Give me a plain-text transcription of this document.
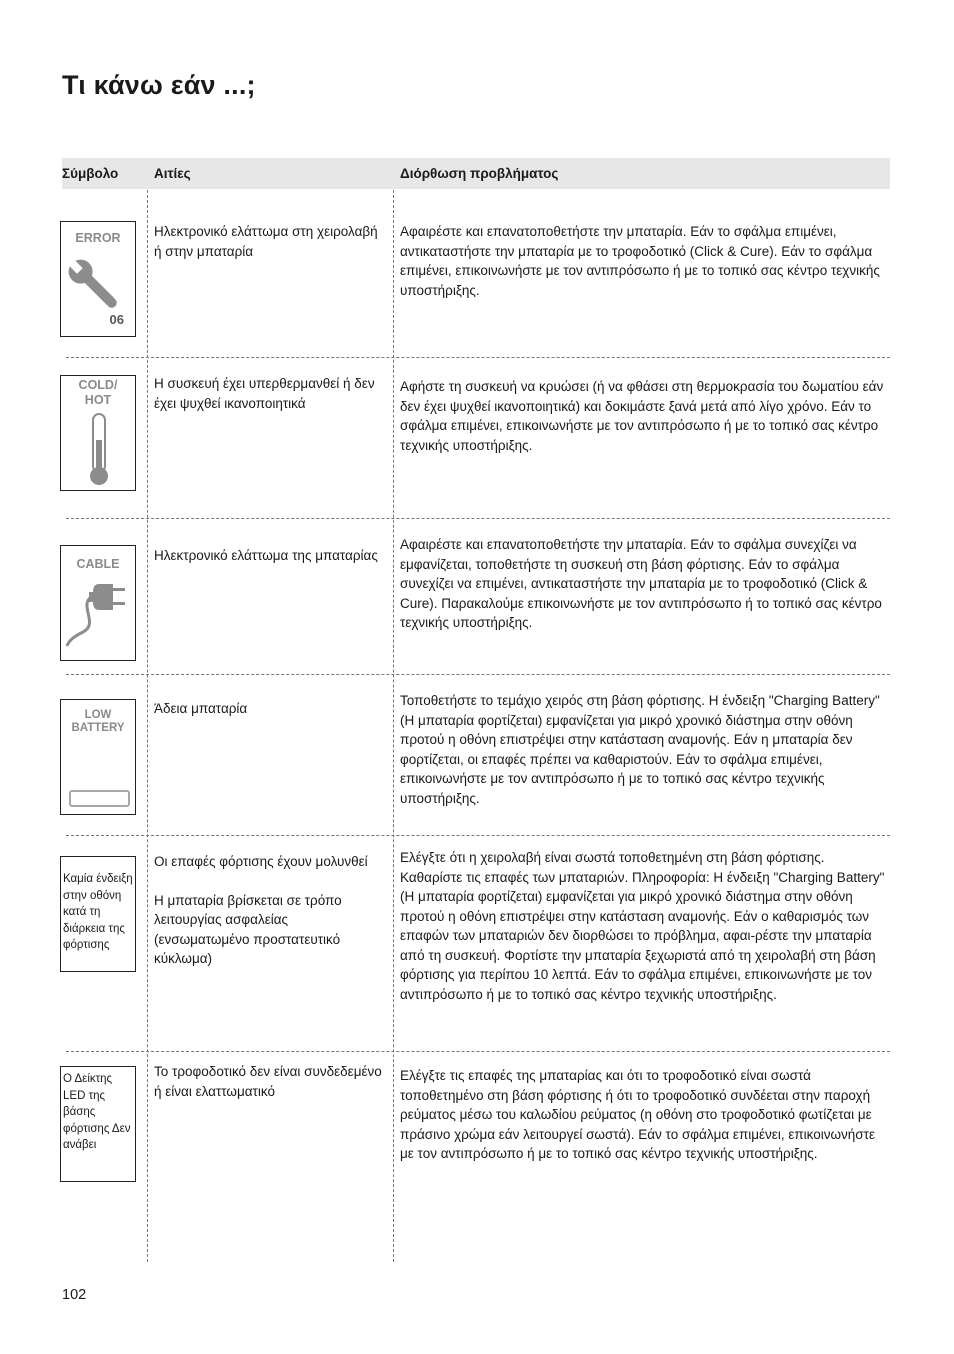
Τι κάνω εάν ...;
Σύμβολο	Αιτίες	Διόρθωση προβλήματος
ERROR
06
Ηλεκτρονικό ελάττωμα στη χειρολαβή ή στην μπαταρία

Αφαιρέστε και επανατοποθετήστε την μπαταρία. Εάν το σφάλμα επιμένει, αντικαταστήστε την μπαταρία με το τροφοδοτικό (Click & Cure). Εάν το σφάλμα επιμένει, επικοινωνήστε με τον αντιπρόσωπο ή με το τοπικό σας κέντρο τεχνικής υποστήριξης.

COLD/
HOT
Η συσκευή έχει υπερθερμανθεί ή δεν έχει ψυχθεί ικανοποιητικά

Αφήστε τη συσκευή να κρυώσει (ή να φθάσει στη θερμοκρασία του δωματίου εάν δεν έχει ψυχθεί ικανοποιητικά) και δοκιμάστε ξανά μετά από λίγο χρόνο. Εάν το σφάλμα επιμένει, επικοινωνήστε με τον αντιπρόσωπο ή με το τοπικό σας κέντρο τεχνικής υποστήριξης.

CABLE
Ηλεκτρονικό ελάττωμα της μπαταρίας

Αφαιρέστε και επανατοποθετήστε την μπαταρία. Εάν το σφάλμα συνεχίζει να εμφανίζεται, τοποθετήστε τη συσκευή στη βάση φόρτισης. Εάν το σφάλμα συνεχίζει να επιμένει, αντικαταστήστε την μπαταρία με το τροφοδοτικό (Click & Cure). Παρακαλούμε επικοινωνήστε με τον αντιπρόσωπο ή το τοπικό σας κέντρο τεχνικής υποστήριξης.

LOW
BATTERY
Άδεια μπαταρία

Τοποθετήστε το τεμάχιο χειρός στη βάση φόρτισης. Η ένδειξη "Charging Battery" (Η μπαταρία φορτίζεται) εμφανίζεται για μικρό χρονικό διάστημα στην οθόνη προτού η οθόνη επιστρέψει στην κατάσταση αναμονής. Εάν η μπαταρία δεν φορτίζεται, οι επαφές πρέπει να καθαριστούν. Εάν το σφάλμα επιμένει, επικοινωνήστε με τον αντιπρόσωπο ή με το τοπικό σας κέντρο τεχνικής υποστήριξης.

Καμία ένδειξη στην οθόνη κατά τη διάρκεια της φόρτισης
Οι επαφές φόρτισης έχουν μολυνθεί
Η μπαταρία βρίσκεται σε τρόπο λειτουργίας ασφαλείας (ενσωματωμένο προστατευτικό κύκλωμα)

Ελέγξτε ότι η χειρολαβή είναι σωστά τοποθετημένη στη βάση φόρτισης. Καθαρίστε τις επαφές των μπαταριών. Πληροφορία: Η ένδειξη "Charging Battery" (Η μπαταρία φορτίζεται) εμφανίζεται για μικρό χρονικό διάστημα στην οθόνη προτού η οθόνη επιστρέψει στην κατάσταση αναμονής. Εάν ο καθαρισμός των επαφών των μπαταριών δεν διορθώσει το πρόβλημα, αφαι-ρέστε την μπαταρία από τη συσκευή. Φορτίστε την μπαταρία ξεχωριστά από τη χειρολαβή στη βάση φόρτισης για περίπου 10 λεπτά. Εάν το σφάλμα επιμένει, επικοινωνήστε με τον αντιπρόσωπο ή με το τοπικό σας κέντρο τεχνικής υποστήριξης.

Ο Δείκτης LED της βάσης φόρτισης Δεν ανάβει
Το τροφοδοτικό δεν είναι συνδεδεμένο ή είναι ελαττωματικό

Ελέγξτε τις επαφές της μπαταρίας και ότι το τροφοδοτικό είναι σωστά τοποθετημένο στη βάση φόρτισης ή ότι το τροφοδοτικό συνδέεται στην παροχή ρεύματος μέσω του καλωδίου ρεύματος (η οθόνη στο τροφοδοτικό φωτίζεται με πράσινο χρώμα εάν λειτουργεί σωστά). Εάν το σφάλμα επιμένει, επικοινωνήστε με τον αντιπρόσωπο ή με το τοπικό σας κέντρο τεχνικής υποστήριξης.

102
